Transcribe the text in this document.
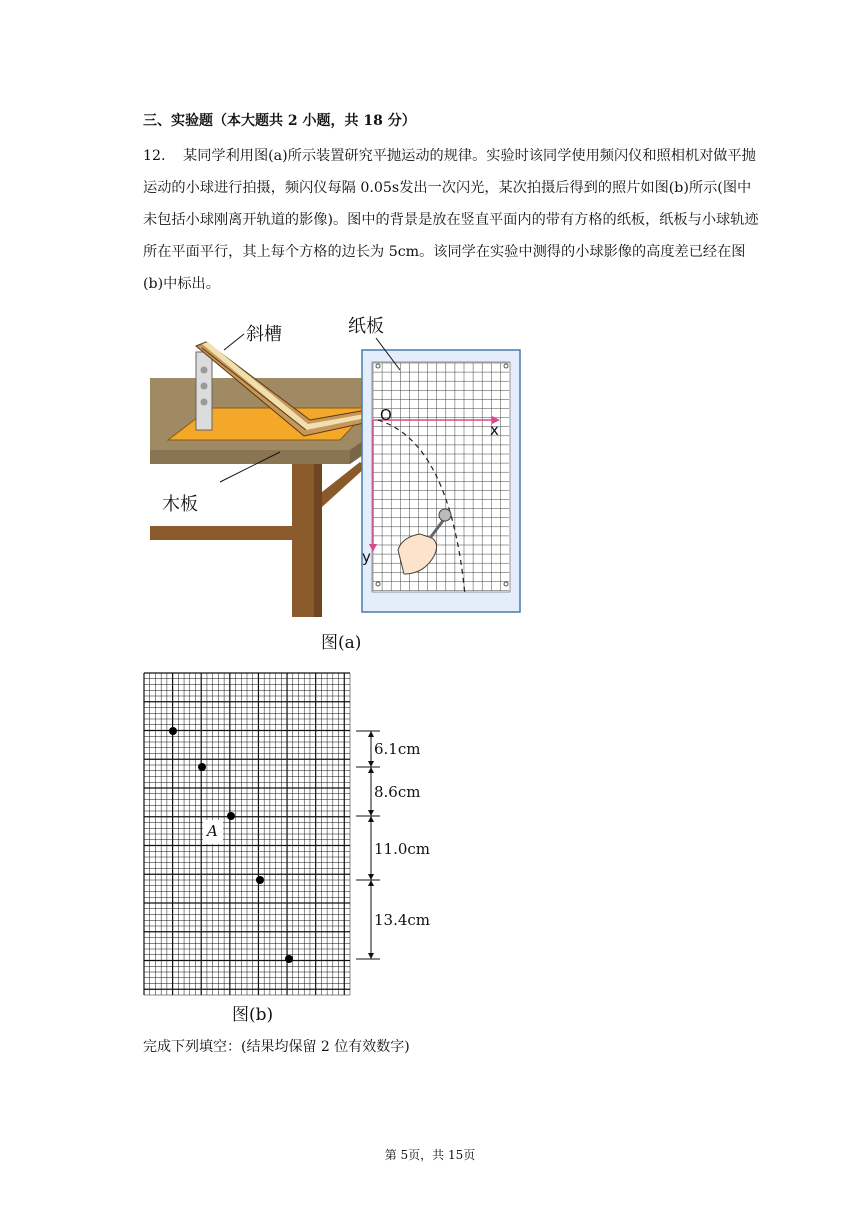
三、实验题（本大题共 2 小题，共 18 分）
12. 某同学利用图(a)所示装置研究平抛运动的规律。实验时该同学使用频闪仪和照相机对做平抛运动的小球进行拍摄，频闪仪每隔 0.05s发出一次闪光，某次拍摄后得到的照片如图(b)所示(图中未包括小球刚离开轨道的影像)。图中的背景是放在竖直平面内的带有方格的纸板，纸板与小球轨迹所在平面平行，其上每个方格的边长为 5cm。该同学在实验中测得的小球影像的高度差已经在图(b)中标出。
斜槽
木板
纸板
O
x
y
图(a)
A
6.1cm
8.6cm
11.0cm
13.4cm
图(b)
完成下列填空：(结果均保留 2 位有效数字)
第 5页，共 15页
